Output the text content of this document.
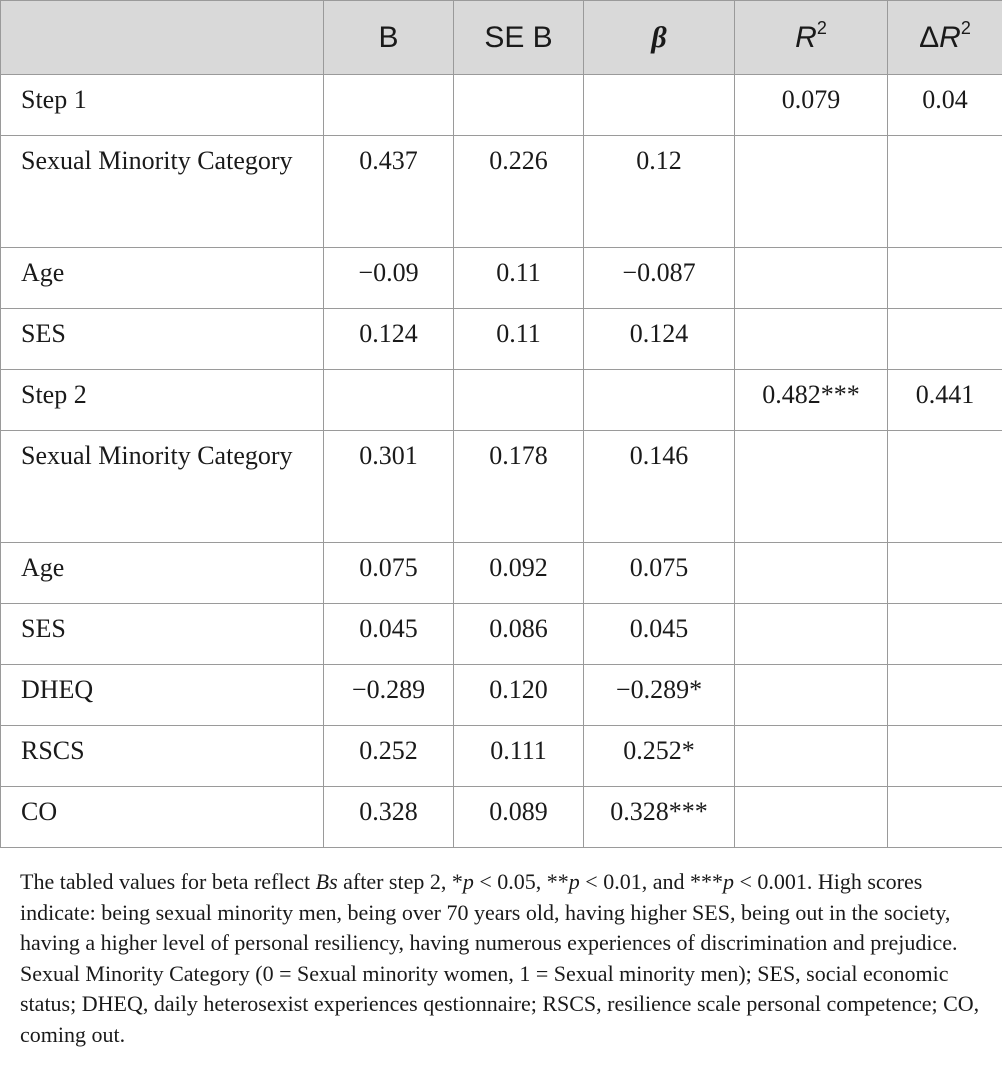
	B	SE B	β	$R^2$	$\Delta R^2$
Step 1				0.079	0.04
Sexual Minority Category	0.437	0.226	0.12		
Age	−0.09	0.11	−0.087		
SES	0.124	0.11	0.124		
Step 2				0.482***	0.441
Sexual Minority Category	0.301	0.178	0.146		
Age	0.075	0.092	0.075		
SES	0.045	0.086	0.045		
DHEQ	−0.289	0.120	−0.289*		
RSCS	0.252	0.111	0.252*		
CO	0.328	0.089	0.328***		
The tabled values for beta reflect Bs after step 2, *p < 0.05, **p < 0.01, and ***p < 0.001. High scores indicate: being sexual minority men, being over 70 years old, having higher SES, being out in the society, having a higher level of personal resiliency, having numerous experiences of discrimination and prejudice. Sexual Minority Category (0 = Sexual minority women, 1 = Sexual minority men); SES, social economic status; DHEQ, daily heterosexist experiences qestionnaire; RSCS, resilience scale personal competence; CO, coming out.
